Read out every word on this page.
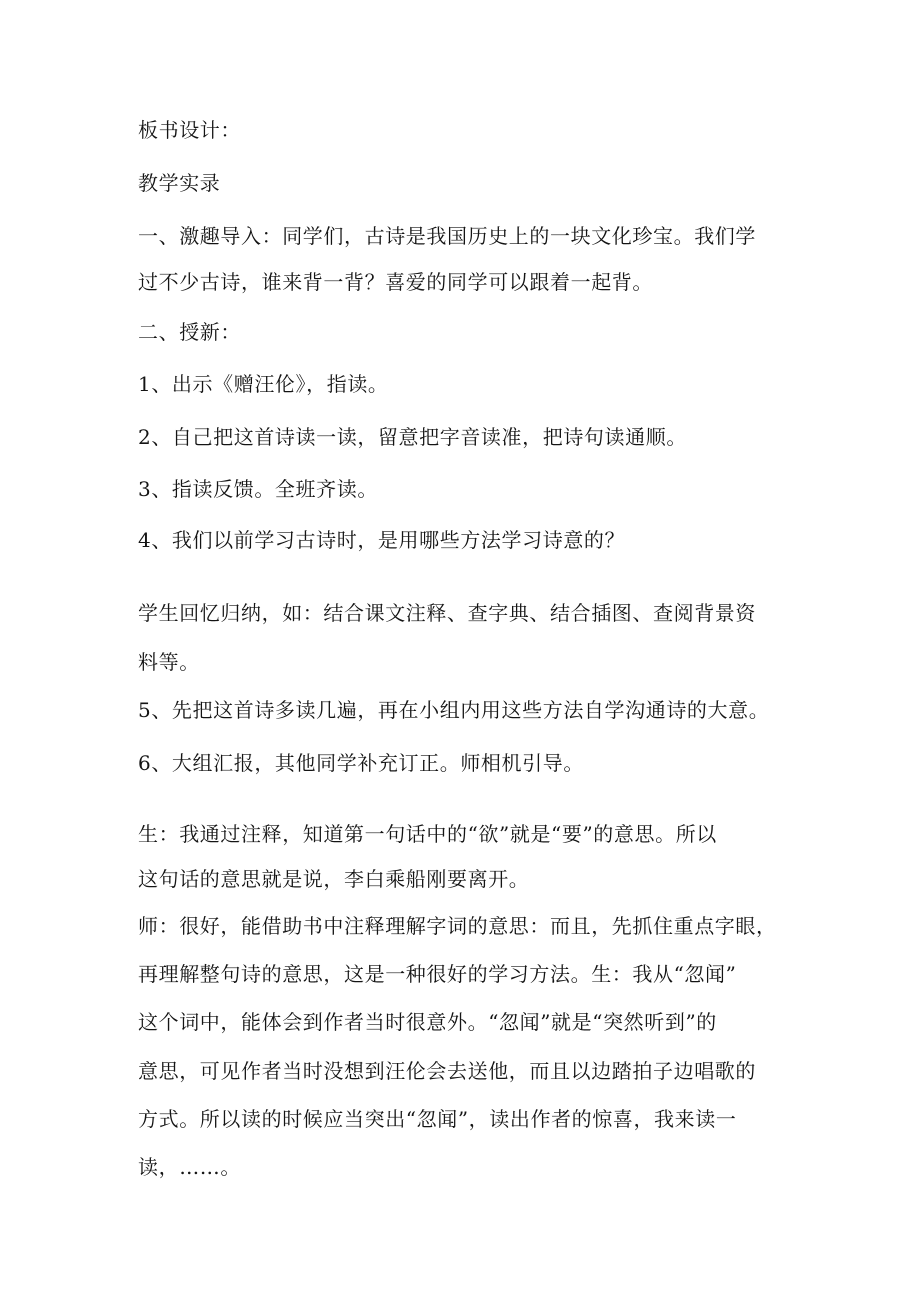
板书设计：
教学实录
一、激趣导入：同学们，古诗是我国历史上的一块文化珍宝。我们学
过不少古诗，谁来背一背？喜爱的同学可以跟着一起背。
二、授新：
1、出示《赠汪伦》，指读。
2、自己把这首诗读一读，留意把字音读准，把诗句读通顺。
3、指读反馈。全班齐读。
4、我们以前学习古诗时，是用哪些方法学习诗意的？
学生回忆归纳，如：结合课文注释、查字典、结合插图、查阅背景资
料等。
5、先把这首诗多读几遍，再在小组内用这些方法自学沟通诗的大意。
6、大组汇报，其他同学补充订正。师相机引导。
生：我通过注释，知道第一句话中的“欲”就是“要”的意思。所以
这句话的意思就是说，李白乘船刚要离开。
师：很好，能借助书中注释理解字词的意思：而且，先抓住重点字眼，
再理解整句诗的意思，这是一种很好的学习方法。生：我从“忽闻”
这个词中，能体会到作者当时很意外。“忽闻”就是“突然听到”的
意思，可见作者当时没想到汪伦会去送他，而且以边踏拍子边唱歌的
方式。所以读的时候应当突出“忽闻”，读出作者的惊喜，我来读一
读，……。
